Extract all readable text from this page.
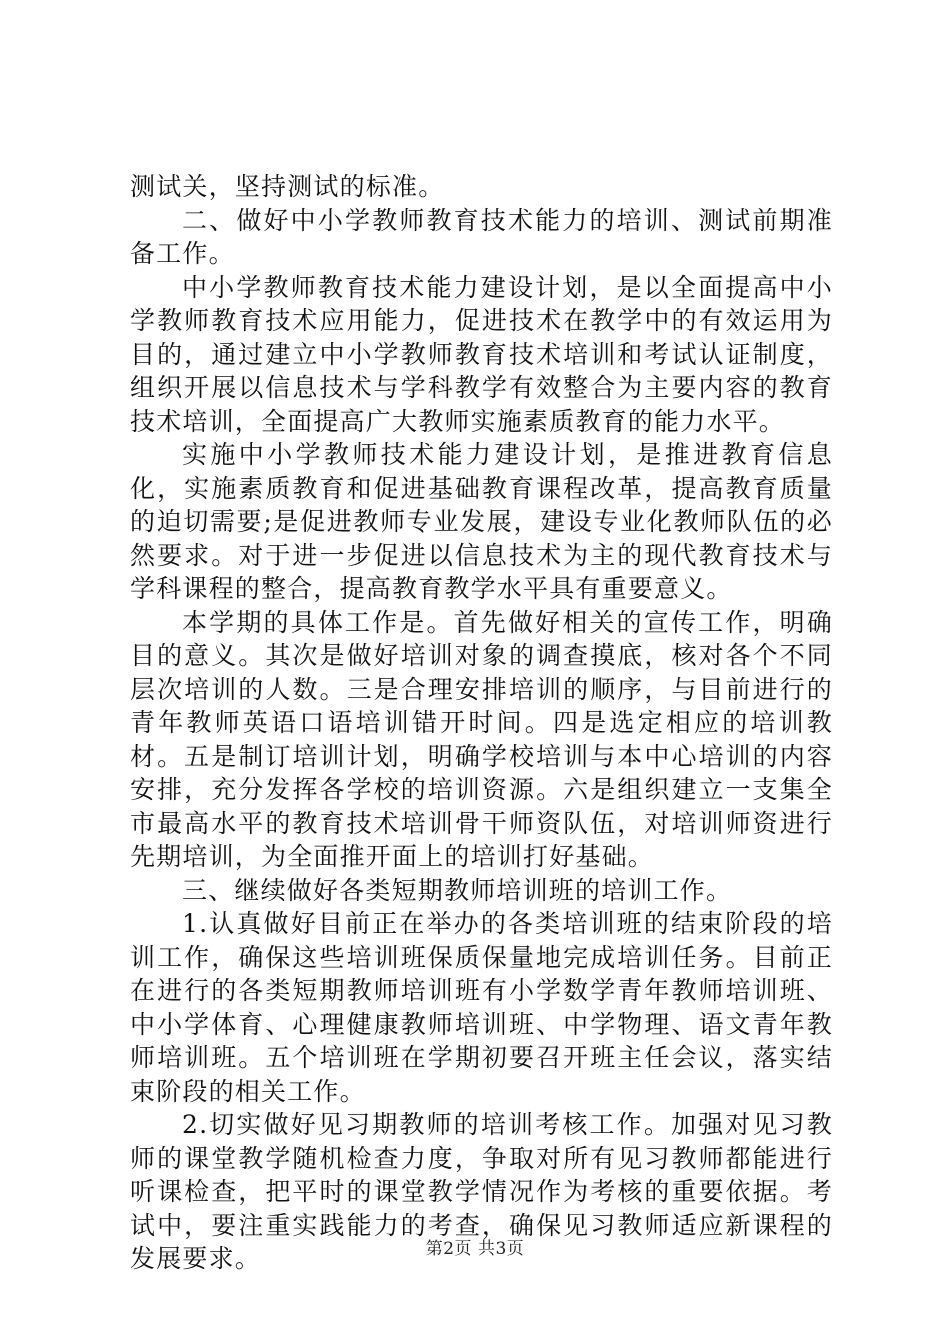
测试关，坚持测试的标准。

二、做好中小学教师教育技术能力的培训、测试前期准备工作。

中小学教师教育技术能力建设计划，是以全面提高中小学教师教育技术应用能力，促进技术在教学中的有效运用为目的，通过建立中小学教师教育技术培训和考试认证制度，组织开展以信息技术与学科教学有效整合为主要内容的教育技术培训，全面提高广大教师实施素质教育的能力水平。

实施中小学教师技术能力建设计划，是推进教育信息化，实施素质教育和促进基础教育课程改革，提高教育质量的迫切需要;是促进教师专业发展，建设专业化教师队伍的必然要求。对于进一步促进以信息技术为主的现代教育技术与学科课程的整合，提高教育教学水平具有重要意义。

本学期的具体工作是。首先做好相关的宣传工作，明确目的意义。其次是做好培训对象的调查摸底，核对各个不同层次培训的人数。三是合理安排培训的顺序，与目前进行的青年教师英语口语培训错开时间。四是选定相应的培训教材。五是制订培训计划，明确学校培训与本中心培训的内容安排，充分发挥各学校的培训资源。六是组织建立一支集全市最高水平的教育技术培训骨干师资队伍，对培训师资进行先期培训，为全面推开面上的培训打好基础。

三、继续做好各类短期教师培训班的培训工作。

1.认真做好目前正在举办的各类培训班的结束阶段的培训工作，确保这些培训班保质保量地完成培训任务。目前正在进行的各类短期教师培训班有小学数学青年教师培训班、中小学体育、心理健康教师培训班、中学物理、语文青年教师培训班。五个培训班在学期初要召开班主任会议，落实结束阶段的相关工作。

2.切实做好见习期教师的培训考核工作。加强对见习教师的课堂教学随机检查力度，争取对所有见习教师都能进行听课检查，把平时的课堂教学情况作为考核的重要依据。考试中，要注重实践能力的考查，确保见习教师适应新课程的发展要求。	第2页 共3页
